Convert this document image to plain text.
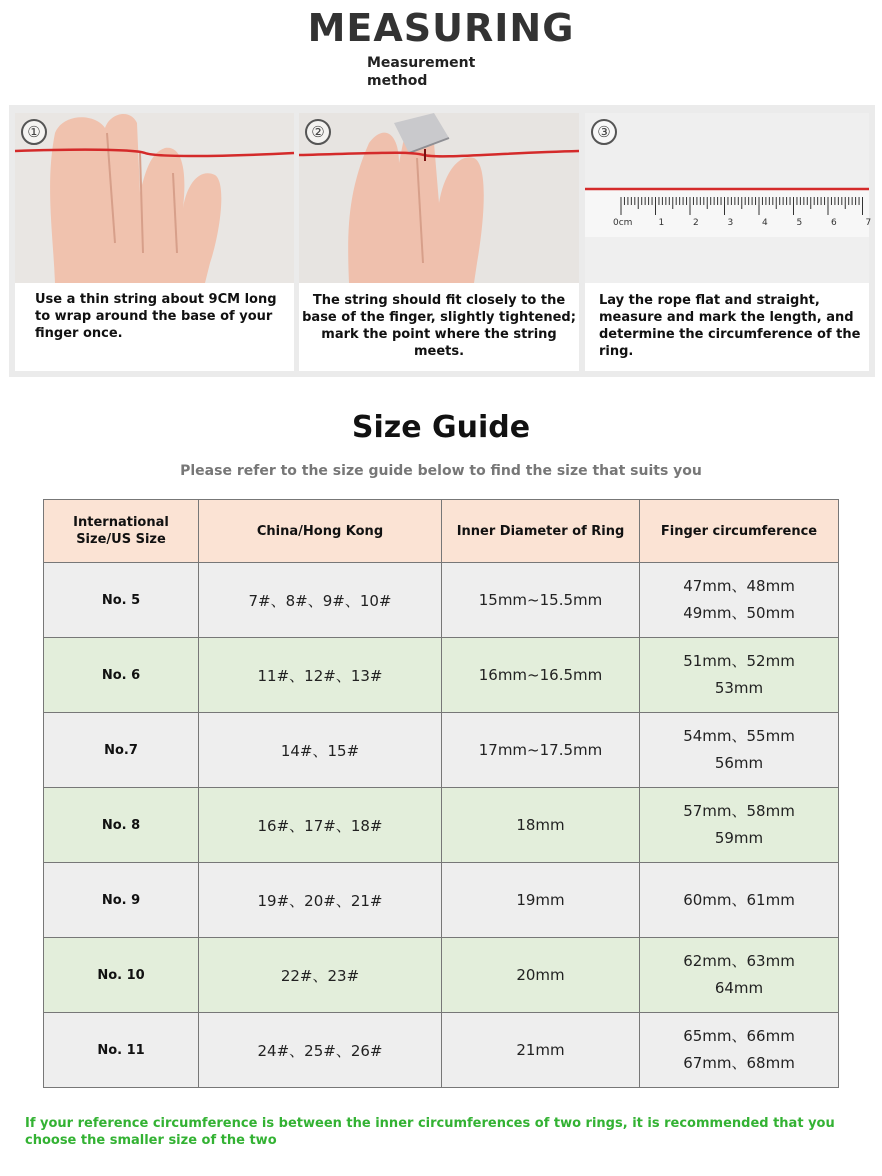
MEASURING
Measurement method
①
Use a thin string about 9CM long to wrap around the base of your finger once.
②
The string should fit closely to the base of the finger, slightly tightened; mark the point where the string meets.
0cm	1	2	3	4	5	6	7
③
Lay the rope flat and straight, measure and mark the length, and determine the circumference of the ring.
Size Guide
Please refer to the size guide below to find the size that suits you
International Size/US Size	China/Hong Kong	Inner Diameter of Ring	Finger circumference
No. 5	7#、8#、9#、10#	15mm~15.5mm	47mm、48mm
49mm、50mm

No. 6	11#、12#、13#	16mm~16.5mm	51mm、52mm
53mm

No.7	14#、15#	17mm~17.5mm	54mm、55mm
56mm

No. 8	16#、17#、18#	18mm	57mm、58mm
59mm

No. 9	19#、20#、21#	19mm	60mm、61mm

No. 10	22#、23#	20mm	62mm、63mm
64mm

No. 11	24#、25#、26#	21mm	65mm、66mm
67mm、68mm
If your reference circumference is between the inner circumferences of two rings, it is recommended that you choose the smaller size of the two
